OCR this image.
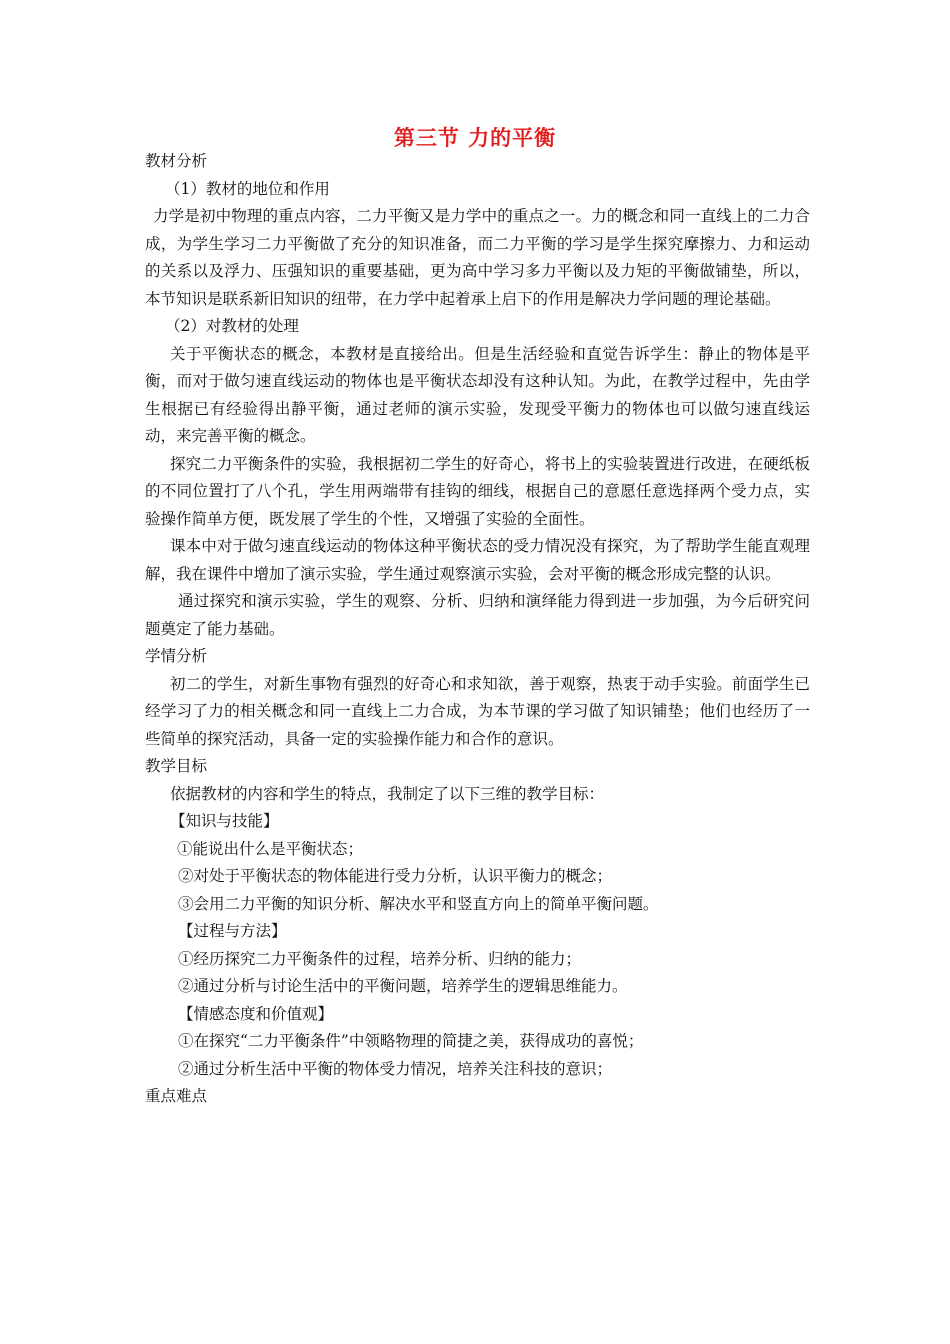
第三节 力的平衡
教材分析
（1）教材的地位和作用
力学是初中物理的重点内容，二力平衡又是力学中的重点之一。力的概念和同一直线上的二力合成，为学生学习二力平衡做了充分的知识准备，而二力平衡的学习是学生探究摩擦力、力和运动的关系以及浮力、压强知识的重要基础，更为高中学习多力平衡以及力矩的平衡做铺垫，所以，本节知识是联系新旧知识的纽带，在力学中起着承上启下的作用是解决力学问题的理论基础。
（2）对教材的处理
关于平衡状态的概念，本教材是直接给出。但是生活经验和直觉告诉学生：静止的物体是平衡，而对于做匀速直线运动的物体也是平衡状态却没有这种认知。为此，在教学过程中，先由学生根据已有经验得出静平衡，通过老师的演示实验，发现受平衡力的物体也可以做匀速直线运动，来完善平衡的概念。
探究二力平衡条件的实验，我根据初二学生的好奇心，将书上的实验装置进行改进，在硬纸板的不同位置打了八个孔，学生用两端带有挂钩的细线，根据自己的意愿任意选择两个受力点，实验操作简单方便，既发展了学生的个性，又增强了实验的全面性。
课本中对于做匀速直线运动的物体这种平衡状态的受力情况没有探究，为了帮助学生能直观理解，我在课件中增加了演示实验，学生通过观察演示实验，会对平衡的概念形成完整的认识。
通过探究和演示实验，学生的观察、分析、归纳和演绎能力得到进一步加强，为今后研究问题奠定了能力基础。
学情分析
初二的学生，对新生事物有强烈的好奇心和求知欲，善于观察，热衷于动手实验。前面学生已经学习了力的相关概念和同一直线上二力合成，为本节课的学习做了知识铺垫；他们也经历了一些简单的探究活动，具备一定的实验操作能力和合作的意识。
教学目标
依据教材的内容和学生的特点，我制定了以下三维的教学目标：
【知识与技能】
①能说出什么是平衡状态；
②对处于平衡状态的物体能进行受力分析，认识平衡力的概念；
③会用二力平衡的知识分析、解决水平和竖直方向上的简单平衡问题。
【过程与方法】
①经历探究二力平衡条件的过程，培养分析、归纳的能力；
②通过分析与讨论生活中的平衡问题，培养学生的逻辑思维能力。
【情感态度和价值观】
①在探究“二力平衡条件”中领略物理的简捷之美，获得成功的喜悦；
②通过分析生活中平衡的物体受力情况，培养关注科技的意识；
重点难点
